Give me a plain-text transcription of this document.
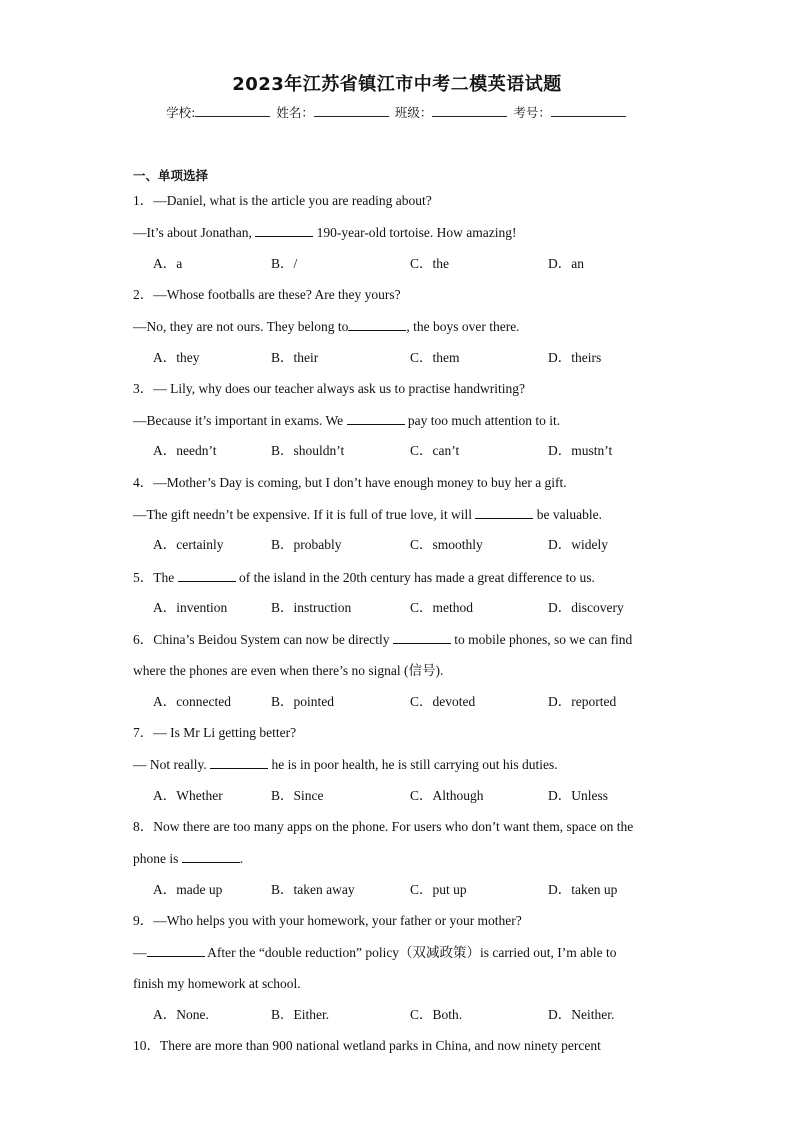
2023年江苏省镇江市中考二模英语试题
学校:	姓名：	班级：	考号：
一、单项选择
1．—Daniel, what is the article you are reading about?
—It’s about Jonathan,	190-year-old tortoise. How amazing!
A．a	B．/	C．the	D．an
2．—Whose footballs are these? Are they yours?
—No, they are not ours. They belong to	, the boys over there.
A．they	B．their	C．them	D．theirs
3．— Lily, why does our teacher always ask us to practise handwriting?
—Because it’s important in exams. We	pay too much attention to it.
A．needn’t	B．shouldn’t	C．can’t	D．mustn’t
4．—Mother’s Day is coming, but I don’t have enough money to buy her a gift.
—The gift needn’t be expensive. If it is full of true love, it will	be valuable.
A．certainly	B．probably	C．smoothly	D．widely
5．The	of the island in the 20th century has made a great difference to us.
A．invention	B．instruction	C．method	D．discovery
6．China’s Beidou System can now be directly	to mobile phones, so we can find
where the phones are even when there’s no signal (信号).
A．connected	B．pointed	C．devoted	D．reported
7．— Is Mr Li getting better?
— Not really.	he is in poor health, he is still carrying out his duties.
A．Whether	B．Since	C．Although	D．Unless
8．Now there are too many apps on the phone. For users who don’t want them, space on the
phone is	.
A．made up	B．taken away	C．put up	D．taken up
9．—Who helps you with your homework, your father or your mother?
—	After the “double reduction” policy（双减政策）is carried out, I’m able to
finish my homework at school.
A．None.	B．Either.	C．Both.	D．Neither.
10．There are more than 900 national wetland parks in China, and now ninety percent
